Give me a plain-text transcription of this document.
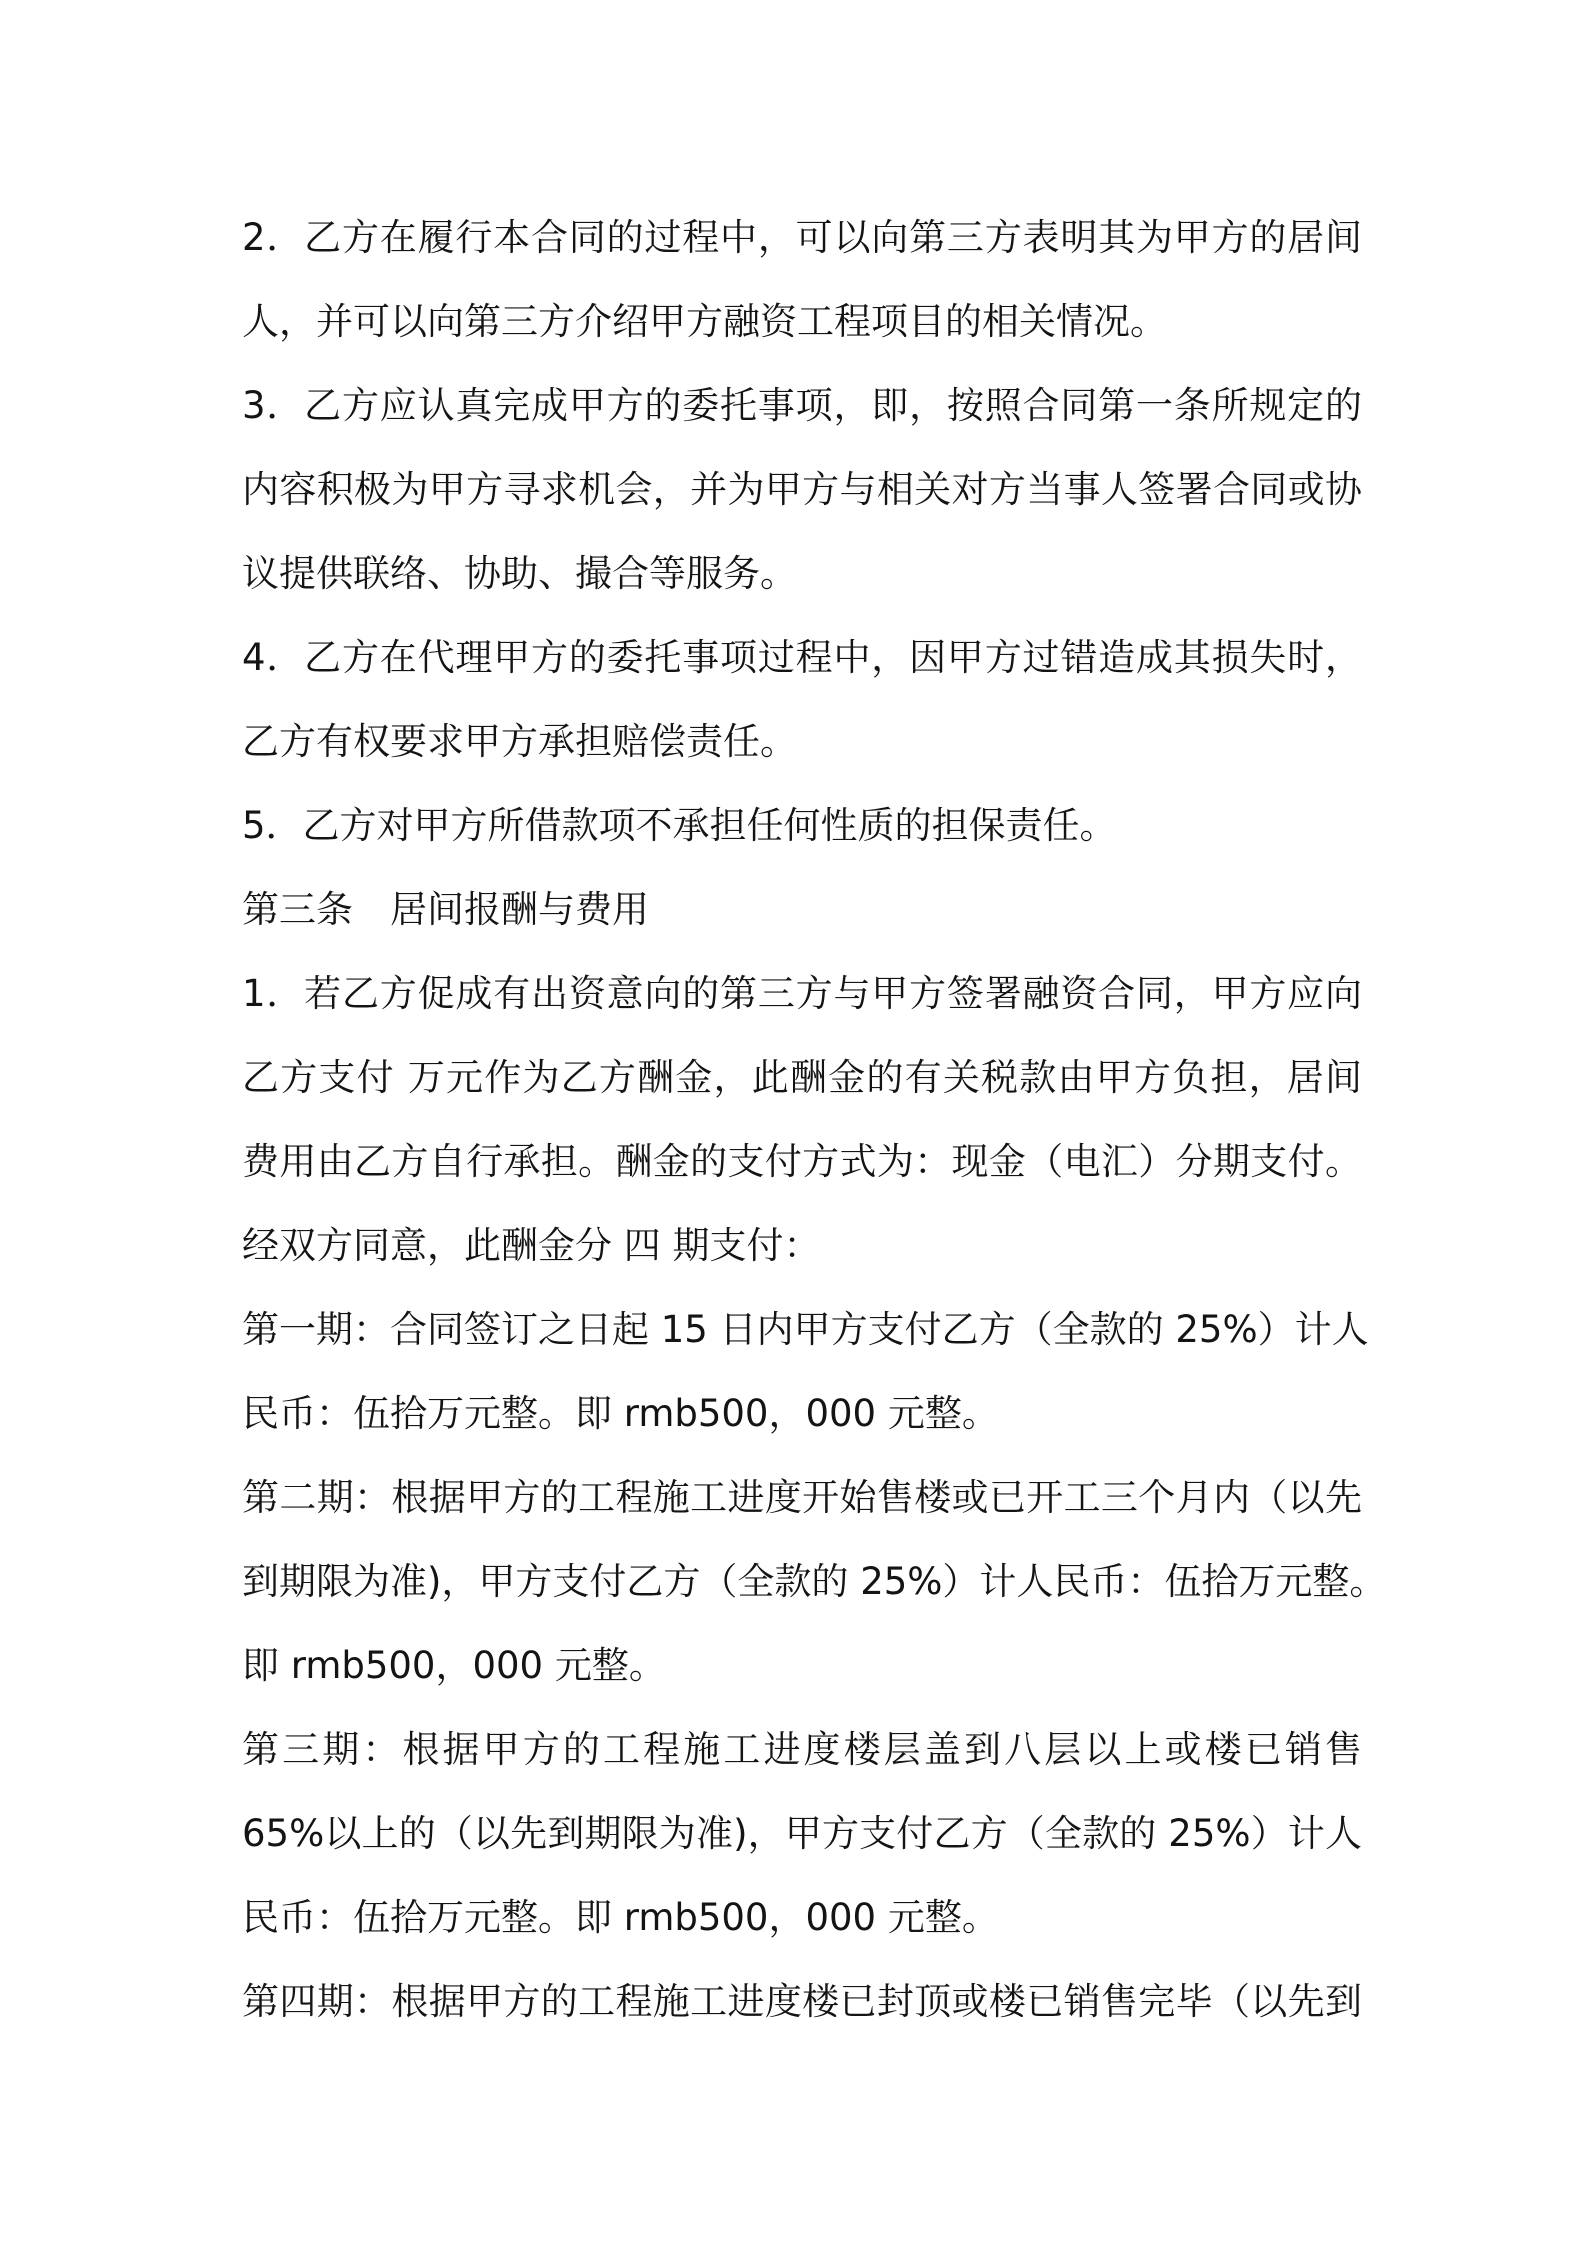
2．乙方在履行本合同的过程中，可以向第三方表明其为甲方的居间
人，并可以向第三方介绍甲方融资工程项目的相关情况。
3．乙方应认真完成甲方的委托事项，即，按照合同第一条所规定的
内容积极为甲方寻求机会，并为甲方与相关对方当事人签署合同或协
议提供联络、协助、撮合等服务。
4．乙方在代理甲方的委托事项过程中，因甲方过错造成其损失时，
乙方有权要求甲方承担赔偿责任。
5．乙方对甲方所借款项不承担任何性质的担保责任。
第三条　居间报酬与费用
1．若乙方促成有出资意向的第三方与甲方签署融资合同，甲方应向
乙方支付 万元作为乙方酬金，此酬金的有关税款由甲方负担，居间
费用由乙方自行承担。酬金的支付方式为：现金（电汇）分期支付。
经双方同意，此酬金分 四 期支付：
第一期：合同签订之日起 15 日内甲方支付乙方（全款的 25%）计人
民币：伍拾万元整。即 rmb500，000 元整。
第二期：根据甲方的工程施工进度开始售楼或已开工三个月内（以先
到期限为准)，甲方支付乙方（全款的 25%）计人民币：伍拾万元整。
即 rmb500，000 元整。
第三期：根据甲方的工程施工进度楼层盖到八层以上或楼已销售
65%以上的（以先到期限为准)，甲方支付乙方（全款的 25%）计人
民币：伍拾万元整。即 rmb500，000 元整。
第四期：根据甲方的工程施工进度楼已封顶或楼已销售完毕（以先到
